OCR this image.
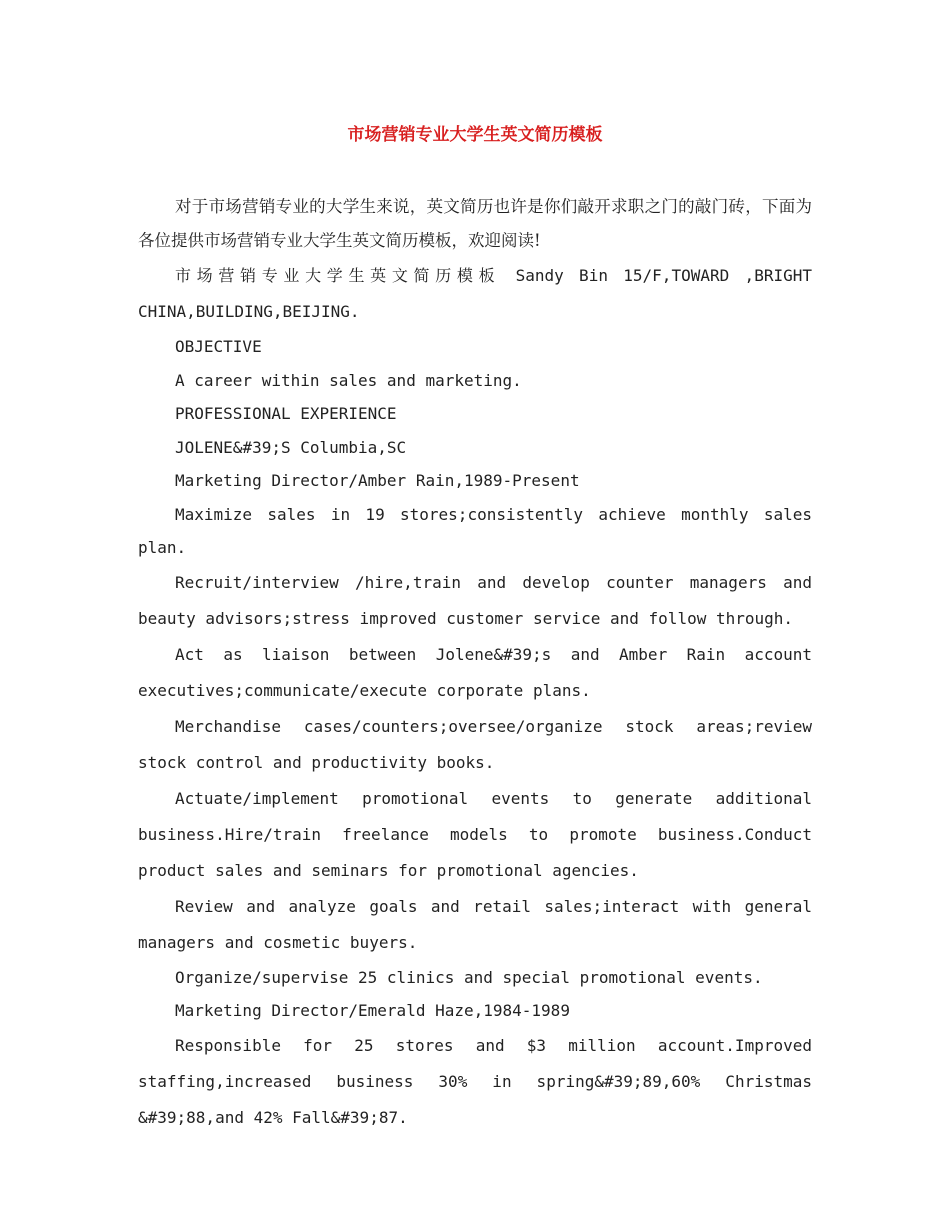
市场营销专业大学生英文简历模板

对于市场营销专业的大学生来说，英文简历也许是你们敲开求职之门的敲门砖，下面为各位提供市场营销专业大学生英文简历模板，欢迎阅读!

市场营销专业大学生英文简历模板 Sandy Bin 15/F,TOWARD ,BRIGHT CHINA,BUILDING,BEIJING.

OBJECTIVE

A career within sales and marketing.

PROFESSIONAL EXPERIENCE

JOLENE&#39;S Columbia,SC

Marketing Director/Amber Rain,1989-Present

Maximize sales in 19 stores;consistently achieve monthly sales plan.

Recruit/interview /hire,train and develop counter managers and beauty advisors;stress improved customer service and follow through.

Act as liaison between Jolene&#39;s and Amber Rain account executives;communicate/execute corporate plans.

Merchandise cases/counters;oversee/organize stock areas;review stock control and productivity books.

Actuate/implement promotional events to generate additional business.Hire/train freelance models to promote business.Conduct product sales and seminars for promotional agencies.

Review and analyze goals and retail sales;interact with general managers and cosmetic buyers.

Organize/supervise 25 clinics and special promotional events.

Marketing Director/Emerald Haze,1984-1989

Responsible for 25 stores and $3 million account.Improved staffing,increased business 30% in spring&#39;89,60% Christmas &#39;88,and 42% Fall&#39;87.
